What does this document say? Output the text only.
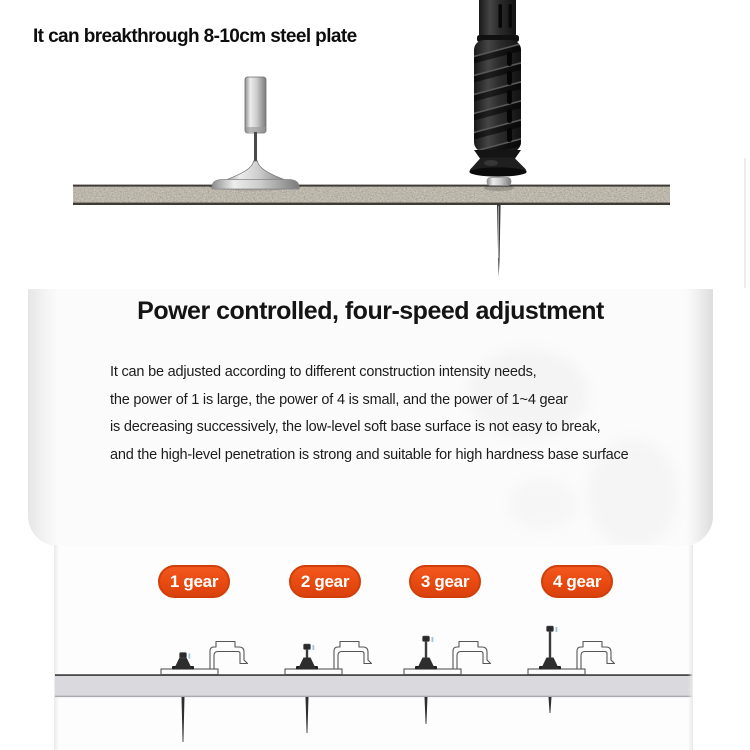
It can breakthrough 8-10cm steel plate
Power controlled, four-speed adjustment
It can be adjusted according to different construction intensity needs,
the power of 1 is large, the power of 4 is small, and the power of 1~4 gear
is decreasing successively, the low-level soft base surface is not easy to break,
and the high-level penetration is strong and suitable for high hardness base surface
1 gear	2 gear	3 gear	4 gear
